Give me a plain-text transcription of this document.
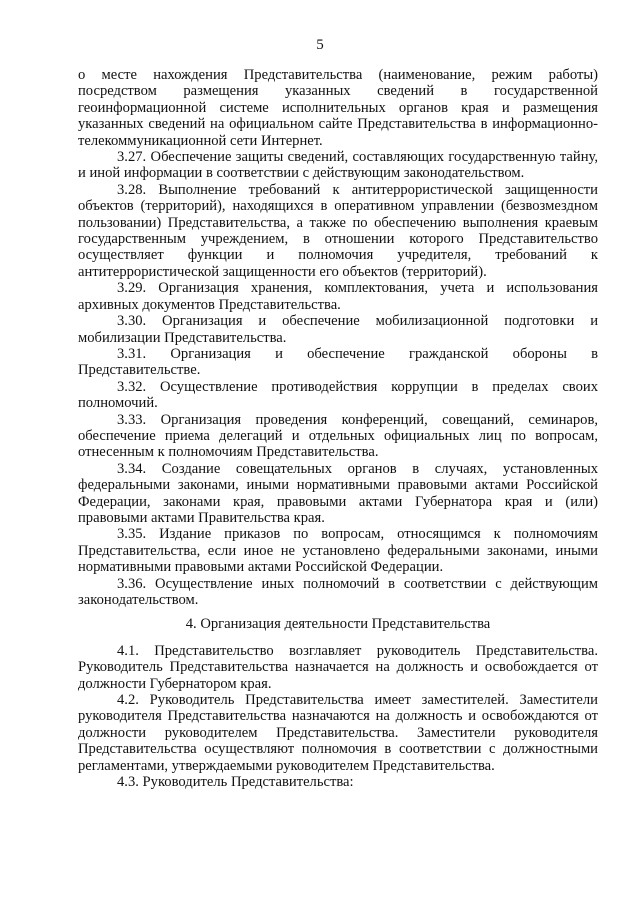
5

о месте нахождения Представительства (наименование, режим работы) посредством размещения указанных сведений в государственной геоинформационной системе исполнительных органов края и размещения указанных сведений на официальном сайте Представительства в информационно-телекоммуникационной сети Интернет.

3.27. Обеспечение защиты сведений, составляющих государственную тайну, и иной информации в соответствии с действующим законодательством.

3.28. Выполнение требований к антитеррористической защищенности объектов (территорий), находящихся в оперативном управлении (безвозмездном пользовании) Представительства, а также по обеспечению выполнения краевым государственным учреждением, в отношении которого Представительство осуществляет функции и полномочия учредителя, требований к антитеррористической защищенности его объектов (территорий).

3.29. Организация хранения, комплектования, учета и использования архивных документов Представительства.

3.30. Организация и обеспечение мобилизационной подготовки и мобилизации Представительства.

3.31. Организация и обеспечение гражданской обороны в Представительстве.

3.32. Осуществление противодействия коррупции в пределах своих полномочий.

3.33. Организация проведения конференций, совещаний, семинаров, обеспечение приема делегаций и отдельных официальных лиц по вопросам, отнесенным к полномочиям Представительства.

3.34. Создание совещательных органов в случаях, установленных федеральными законами, иными нормативными правовыми актами Российской Федерации, законами края, правовыми актами Губернатора края и (или) правовыми актами Правительства края.

3.35. Издание приказов по вопросам, относящимся к полномочиям Представительства, если иное не установлено федеральными законами, иными нормативными правовыми актами Российской Федерации.

3.36. Осуществление иных полномочий в соответствии с действующим законодательством.

4. Организация деятельности Представительства

4.1. Представительство возглавляет руководитель Представительства. Руководитель Представительства назначается на должность и освобождается от должности Губернатором края.

4.2. Руководитель Представительства имеет заместителей. Заместители руководителя Представительства назначаются на должность и освобождаются от должности руководителем Представительства. Заместители руководителя Представительства осуществляют полномочия в соответствии с должностными регламентами, утверждаемыми руководителем Представительства.

4.3. Руководитель Представительства:
